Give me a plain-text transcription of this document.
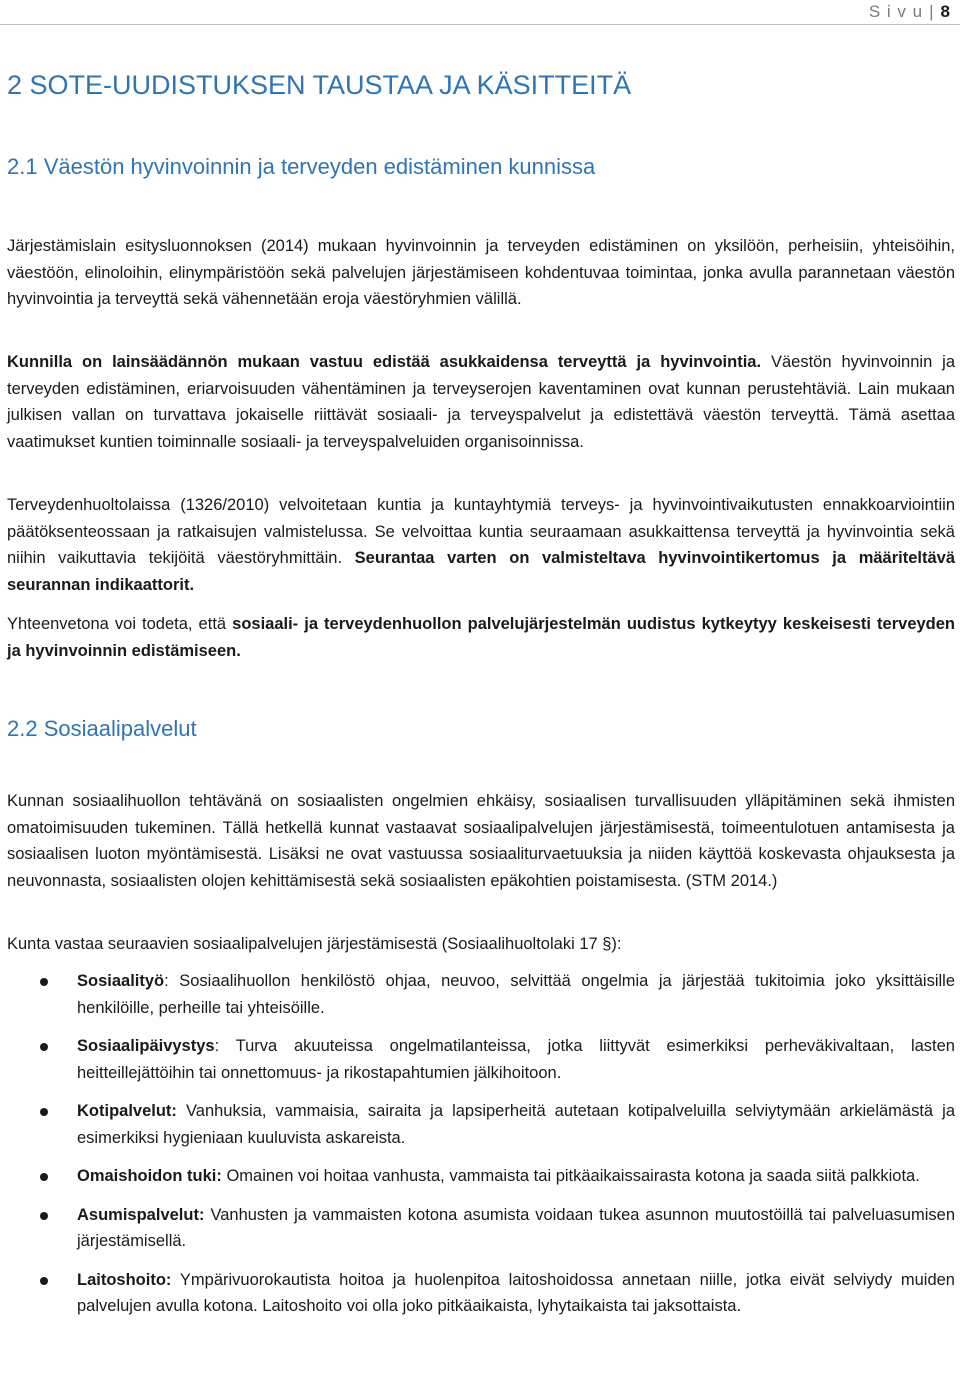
S i v u | 8
2 SOTE-UUDISTUKSEN TAUSTAA JA KÄSITTEITÄ
2.1 Väestön hyvinvoinnin ja terveyden edistäminen kunnissa

Järjestämislain esitysluonnoksen (2014) mukaan hyvinvoinnin ja terveyden edistäminen on yksilöön, perheisiin, yhteisöihin, väestöön, elinoloihin, elinympäristöön sekä palvelujen järjestämiseen kohdentuvaa toimintaa, jonka avulla parannetaan väestön hyvinvointia ja terveyttä sekä vähennetään eroja väestöryhmien välillä.

Kunnilla on lainsäädännön mukaan vastuu edistää asukkaidensa terveyttä ja hyvinvointia. Väestön hyvinvoinnin ja terveyden edistäminen, eriarvoisuuden vähentäminen ja terveyserojen kaventaminen ovat kunnan perustehtäviä. Lain mukaan julkisen vallan on turvattava jokaiselle riittävät sosiaali- ja terveyspalvelut ja edistettävä väestön terveyttä. Tämä asettaa vaatimukset kuntien toiminnalle sosiaali- ja terveyspalveluiden organisoinnissa.

Terveydenhuoltolaissa (1326/2010) velvoitetaan kuntia ja kuntayhtymiä terveys- ja hyvinvointivaikutusten ennakkoarviointiin päätöksenteossaan ja ratkaisujen valmistelussa. Se velvoittaa kuntia seuraamaan asukkaittensa terveyttä ja hyvinvointia sekä niihin vaikuttavia tekijöitä väestöryhmittäin. Seurantaa varten on valmisteltava hyvinvointikertomus ja määriteltävä seurannan indikaattorit.

Yhteenvetona voi todeta, että sosiaali- ja terveydenhuollon palvelujärjestelmän uudistus kytkeytyy keskeisesti terveyden ja hyvinvoinnin edistämiseen.

2.2 Sosiaalipalvelut

Kunnan sosiaalihuollon tehtävänä on sosiaalisten ongelmien ehkäisy, sosiaalisen turvallisuuden ylläpitäminen sekä ihmisten omatoimisuuden tukeminen. Tällä hetkellä kunnat vastaavat sosiaalipalvelujen järjestämisestä, toimeentulotuen antamisesta ja sosiaalisen luoton myöntämisestä. Lisäksi ne ovat vastuussa sosiaaliturvaetuuksia ja niiden käyttöä koskevasta ohjauksesta ja neuvonnasta, sosiaalisten olojen kehittämisestä sekä sosiaalisten epäkohtien poistamisesta. (STM 2014.)

Kunta vastaa seuraavien sosiaalipalvelujen järjestämisestä (Sosiaalihuoltolaki 17 §):

Sosiaalityö: Sosiaalihuollon henkilöstö ohjaa, neuvoo, selvittää ongelmia ja järjestää tukitoimia joko yksittäisille henkilöille, perheille tai yhteisöille.
Sosiaalipäivystys: Turva akuuteissa ongelmatilanteissa, jotka liittyvät esimerkiksi perheväkivaltaan, lasten heitteillejättöihin tai onnettomuus- ja rikostapahtumien jälkihoitoon.
Kotipalvelut: Vanhuksia, vammaisia, sairaita ja lapsiperheitä autetaan kotipalveluilla selviytymään arkielämästä ja esimerkiksi hygieniaan kuuluvista askareista.
Omaishoidon tuki: Omainen voi hoitaa vanhusta, vammaista tai pitkäaikaissairasta kotona ja saada siitä palkkiota.
Asumispalvelut: Vanhusten ja vammaisten kotona asumista voidaan tukea asunnon muutostöillä tai palveluasumisen järjestämisellä.
Laitoshoito: Ympärivuorokautista hoitoa ja huolenpitoa laitoshoidossa annetaan niille, jotka eivät selviydy muiden palvelujen avulla kotona. Laitoshoito voi olla joko pitkäaikaista, lyhytaikaista tai jaksottaista.
